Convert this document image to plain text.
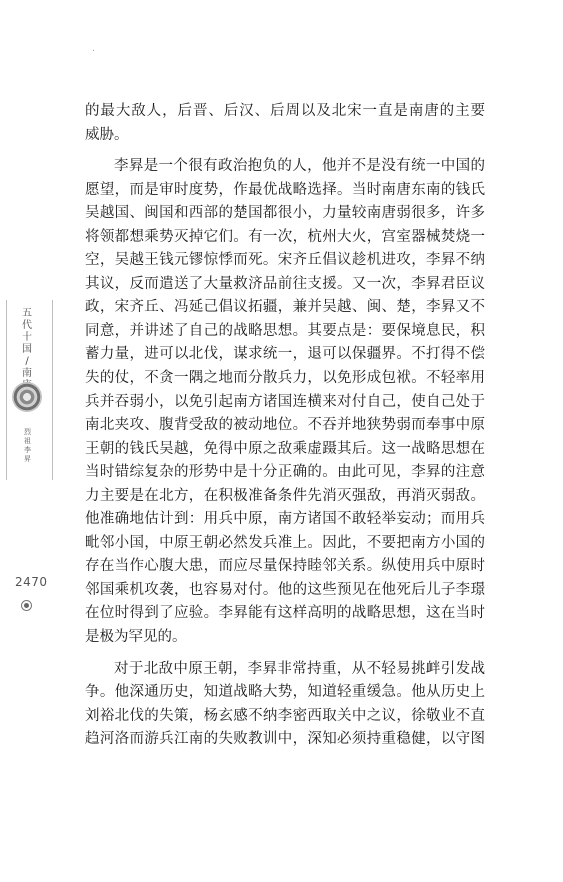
.
五
代
十
国
/
南
烈
祖
李
昇
2470
的最大敌人，后晋、后汉、后周以及北宋一直是南唐的主要
威胁。
李昪是一个很有政治抱负的人，他并不是没有统一中国的
愿望，而是审时度势，作最优战略选择。当时南唐东南的钱氏
吴越国、闽国和西部的楚国都很小，力量较南唐弱很多，许多
将领都想乘势灭掉它们。有一次，杭州大火，宫室器械焚烧一
空，吴越王钱元镠惊悸而死。宋齐丘倡议趁机进攻，李昪不纳
其议，反而遣送了大量救济品前往支援。又一次，李昪君臣议
政，宋齐丘、冯延己倡议拓疆，兼并吴越、闽、楚，李昪又不
同意，并讲述了自己的战略思想。其要点是：要保境息民，积
蓄力量，进可以北伐，谋求统一，退可以保疆界。不打得不偿
失的仗，不贪一隅之地而分散兵力，以免形成包袱。不轻率用
兵并吞弱小，以免引起南方诸国连横来对付自己，使自己处于
南北夹攻、腹背受敌的被动地位。不吞并地狭势弱而奉事中原
王朝的钱氏吴越，免得中原之敌乘虚蹑其后。这一战略思想在
当时错综复杂的形势中是十分正确的。由此可见，李昪的注意
力主要是在北方，在积极准备条件先消灭强敌，再消灭弱敌。
他准确地估计到：用兵中原，南方诸国不敢轻举妄动；而用兵
毗邻小国，中原王朝必然发兵准上。因此，不要把南方小国的
存在当作心腹大患，而应尽量保持睦邻关系。纵使用兵中原时
邻国乘机攻袭，也容易对付。他的这些预见在他死后儿子李璟
在位时得到了应验。李昪能有这样高明的战略思想，这在当时
是极为罕见的。
对于北敌中原王朝，李昪非常持重，从不轻易挑衅引发战
争。他深通历史，知道战略大势，知道轻重缓急。他从历史上
刘裕北伐的失策，杨玄感不纳李密西取关中之议，徐敬业不直
趋河洛而游兵江南的失败教训中，深知必须持重稳健，以守图
